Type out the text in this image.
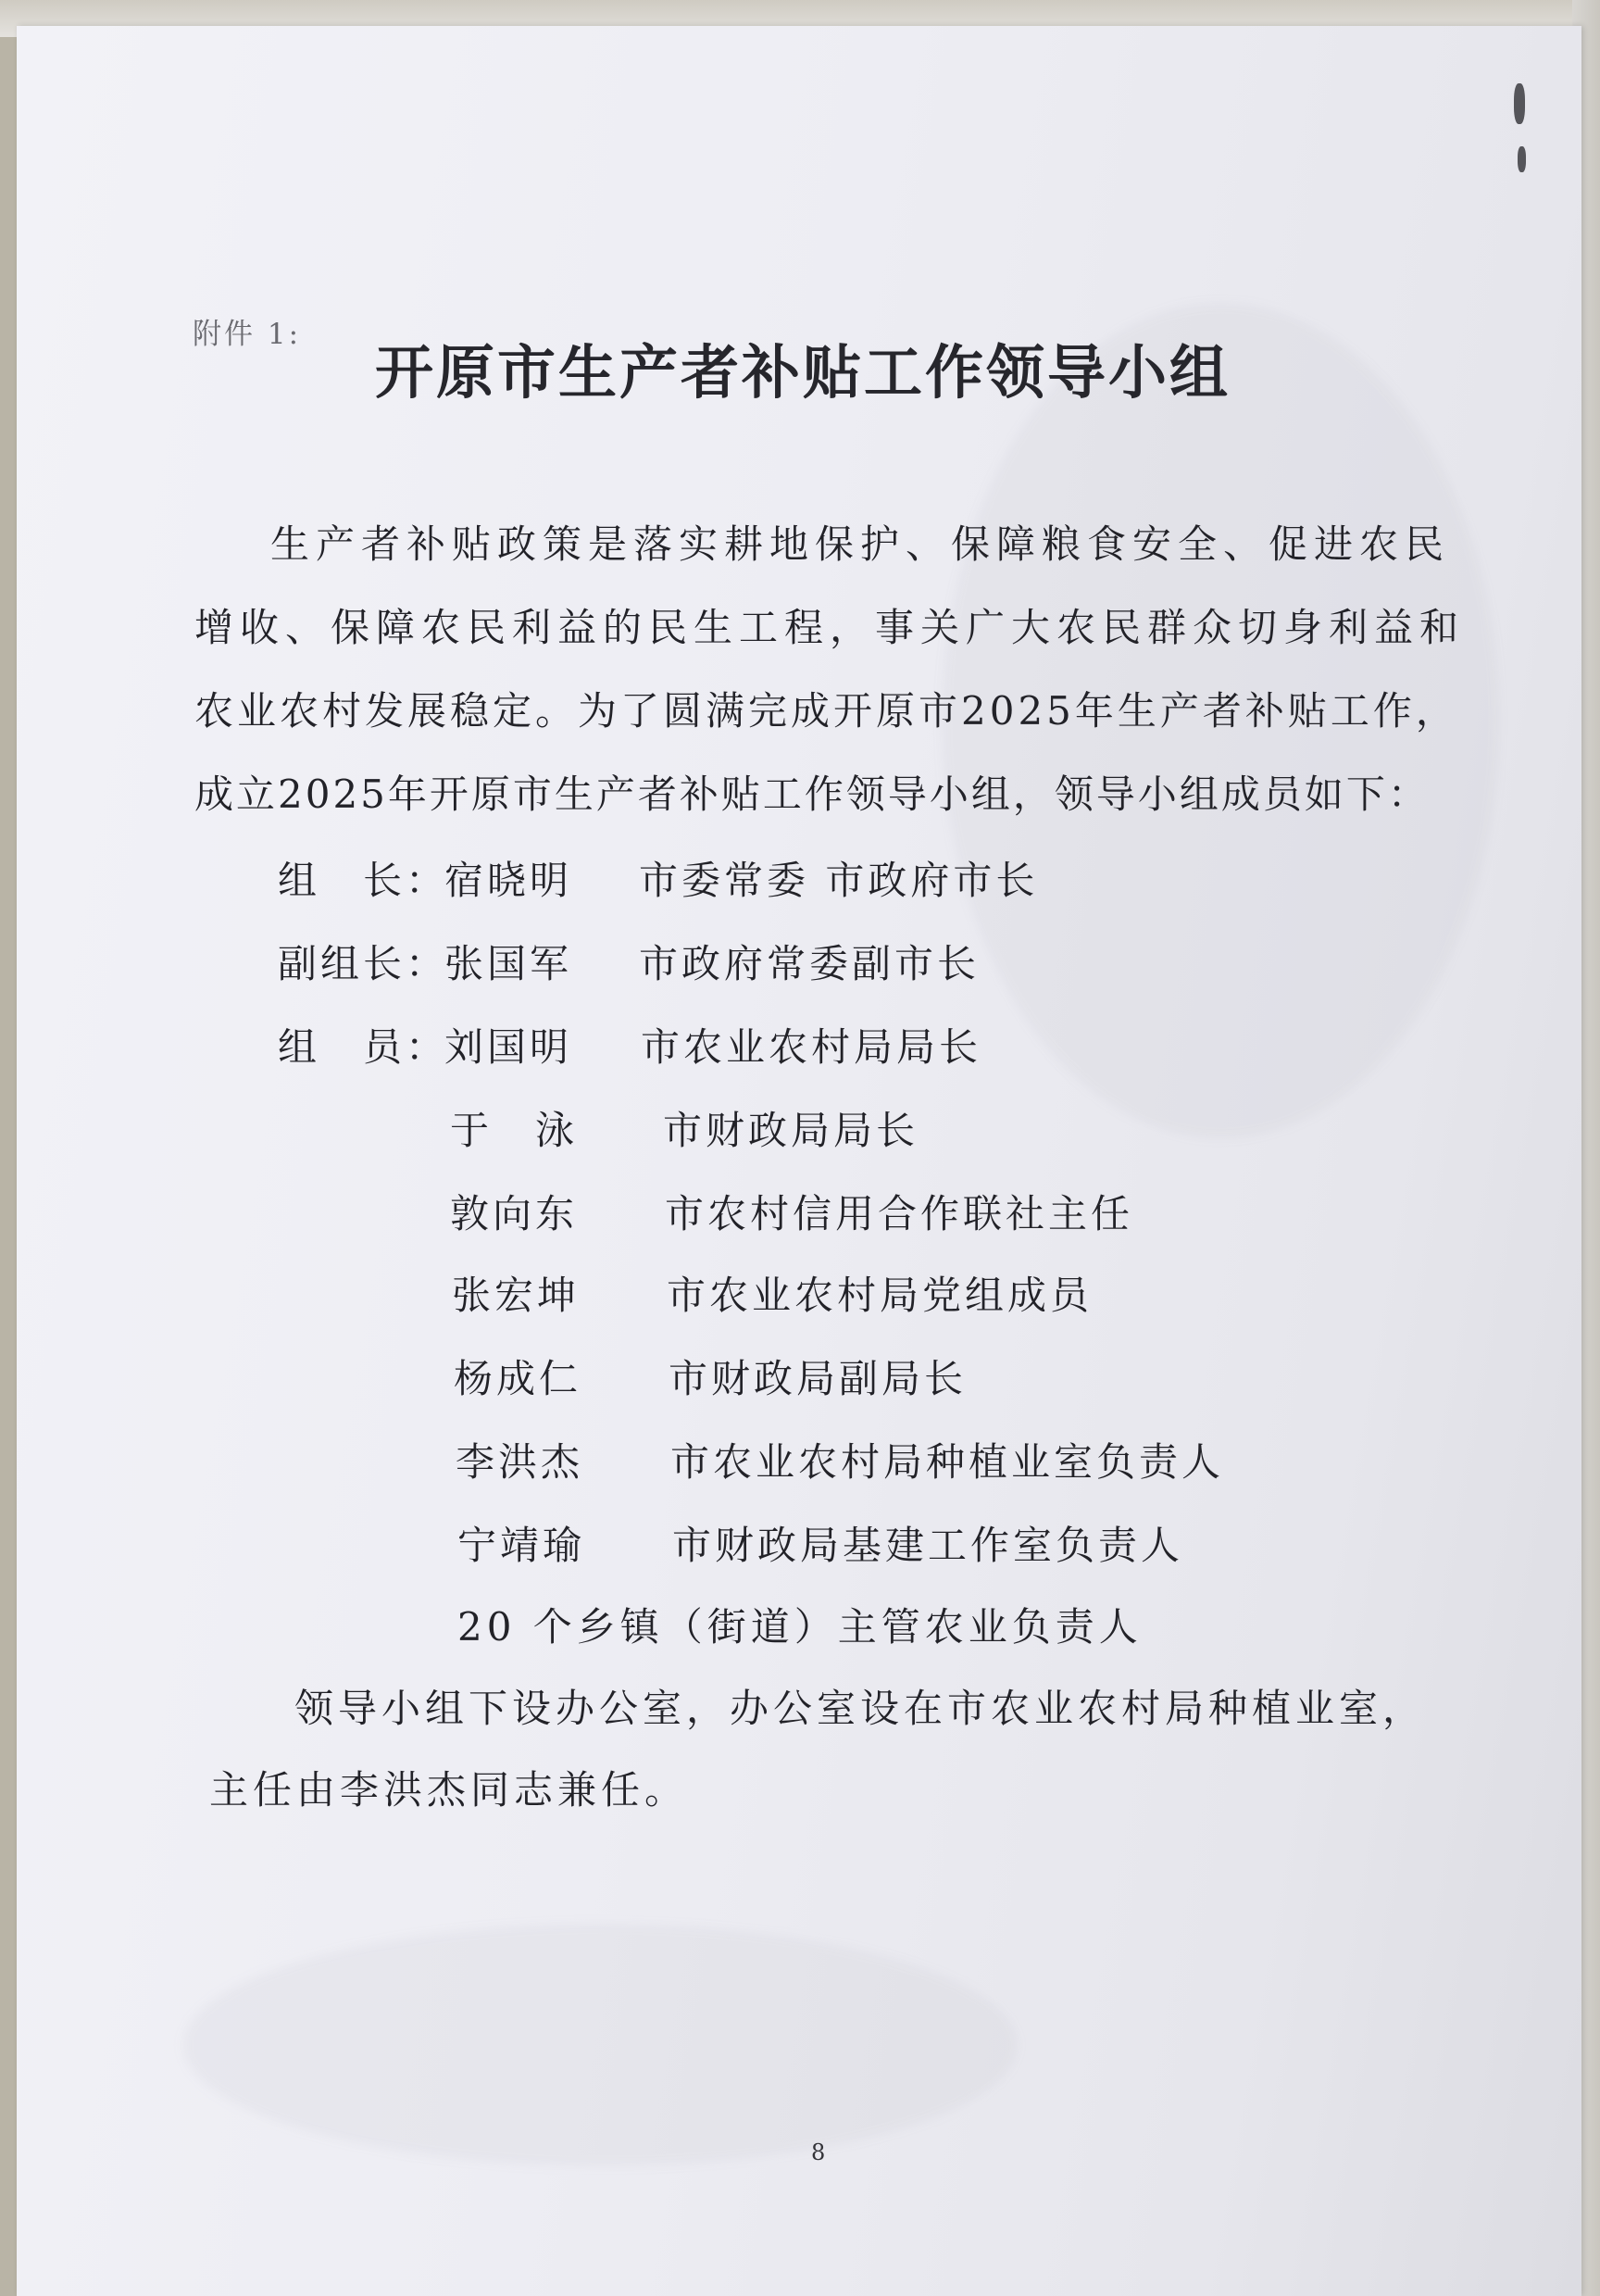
附件 1:
开原市生产者补贴工作领导小组
生产者补贴政策是落实耕地保护、保障粮食安全、促进农民
增收、保障农民利益的民生工程，事关广大农民群众切身利益和
农业农村发展稳定。为了圆满完成开原市2025年生产者补贴工作，
成立2025年开原市生产者补贴工作领导小组，领导小组成员如下：
组　长：
宿晓明 市委常委 市政府市长
副组长：
张国军 市政府常委副市长
组　员：
刘国明 市农业农村局局长
于　泳 市财政局局长
敦向东 市农村信用合作联社主任
张宏坤 市农业农村局党组成员
杨成仁 市财政局副局长
李洪杰 市农业农村局种植业室负责人
宁靖瑜 市财政局基建工作室负责人
20 个乡镇（街道）主管农业负责人
领导小组下设办公室，办公室设在市农业农村局种植业室，
主任由李洪杰同志兼任。
8
